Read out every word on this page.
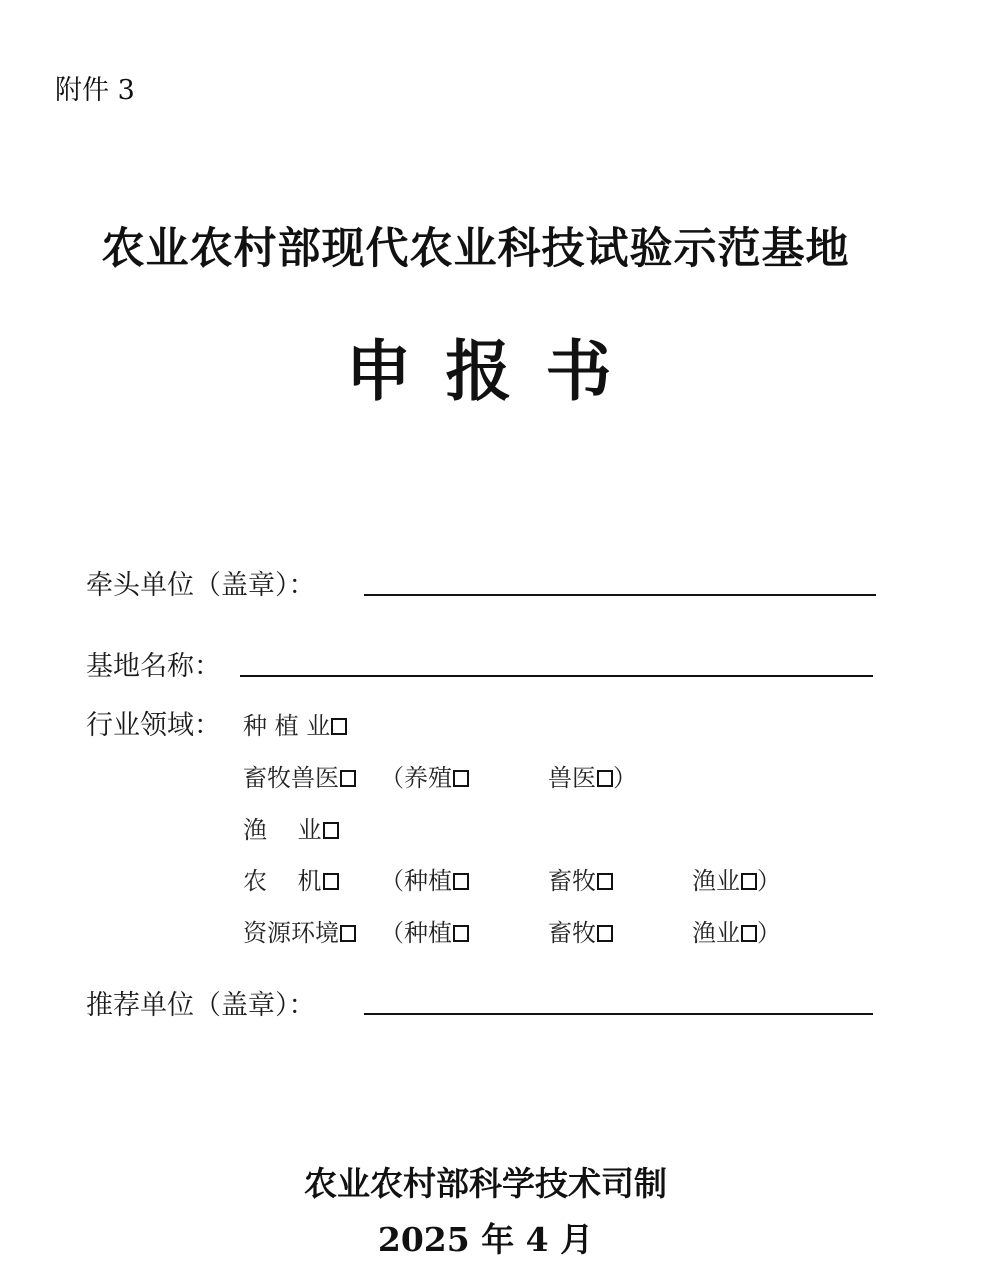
附件 3
农业农村部现代农业科技试验示范基地
申报书
牵头单位（盖章）：
基地名称：
行业领域： 种 植 业
畜牧兽医	（养殖	兽医 ）
渔    业
农    机	（种植	畜牧	渔业 ）
资源环境	（种植	畜牧	渔业 ）
推荐单位（盖章）：
农业农村部科学技术司制
2025 年 4 月
